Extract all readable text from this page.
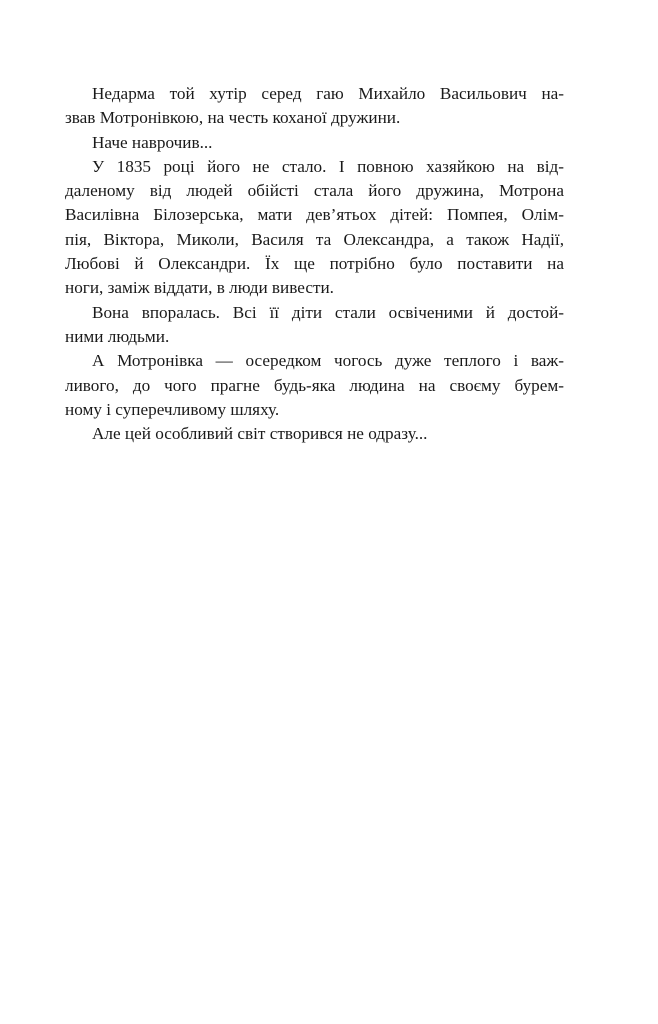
Недарма той хутір серед гаю Михайло Васильович на-
звав Мотронівкою, на честь коханої дружини.
Наче наврочив...
У 1835 році його не стало. І повною хазяйкою на від-
даленому від людей обійсті стала його дружина, Мотрона
Василівна Білозерська, мати дев’ятьох дітей: Помпея, Олім-
пія, Віктора, Миколи, Василя та Олександра, а також Надії,
Любові й Олександри. Їх ще потрібно було поставити на
ноги, заміж віддати, в люди вивести.
Вона впоралась. Всі її діти стали освіченими й достой-
ними людьми.
А Мотронівка — осередком чогось дуже теплого і важ-
ливого, до чого прагне будь-яка людина на своєму бурем-
ному і суперечливому шляху.
Але цей особливий світ створився не одразу...
